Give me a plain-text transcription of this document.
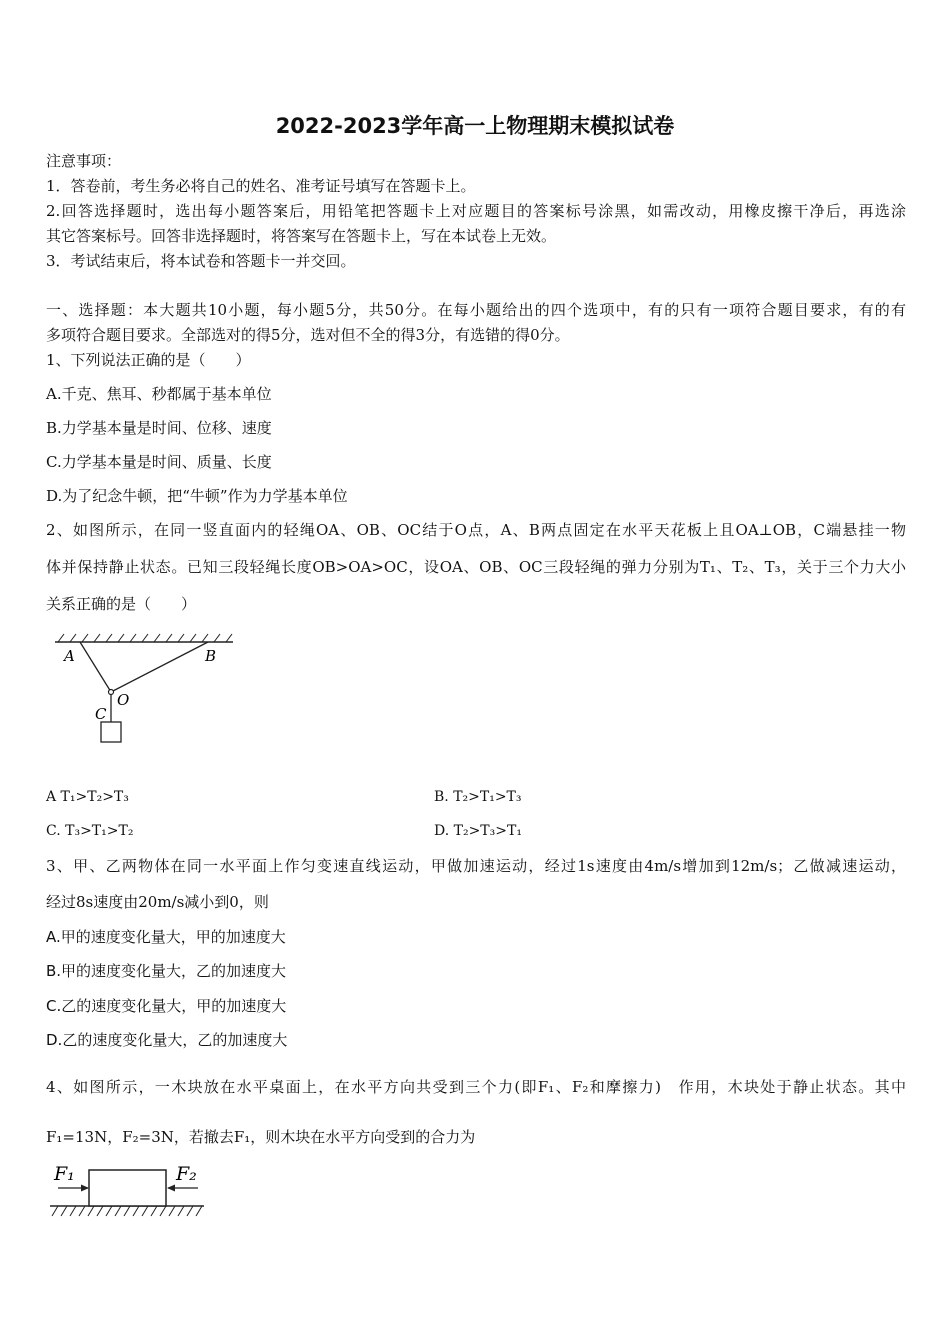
2022-2023学年高一上物理期末模拟试卷
注意事项：
1．答卷前，考生务必将自己的姓名、准考证号填写在答题卡上。
2.回答选择题时，选出每小题答案后，用铅笔把答题卡上对应题目的答案标号涂黑，如需改动，用橡皮擦干净后，再选涂
其它答案标号。回答非选择题时，将答案写在答题卡上，写在本试卷上无效。
3．考试结束后，将本试卷和答题卡一并交回。
一、选择题：本大题共10小题，每小题5分，共50分。在每小题给出的四个选项中，有的只有一项符合题目要求，有的有
多项符合题目要求。全部选对的得5分，选对但不全的得3分，有选错的得0分。
1、下列说法正确的是（　　）
A.千克、焦耳、秒都属于基本单位
B.力学基本量是时间、位移、速度
C.力学基本量是时间、质量、长度
D.为了纪念牛顿，把“牛顿”作为力学基本单位
2、如图所示，在同一竖直面内的轻绳OA、OB、OC结于O点，A、B两点固定在水平天花板上且OA⊥OB，C端悬挂一物
体并保持静止状态。已知三段轻绳长度OB>OA>OC，设OA、OB、OC三段轻绳的弹力分别为T₁、T₂、T₃，关于三个力大小
关系正确的是（　　）
A	B
O
C
A T₁>T₂>T₃	B. T₂>T₁>T₃
C. T₃>T₁>T₂	D. T₂>T₃>T₁
3、甲、乙两物体在同一水平面上作匀变速直线运动，甲做加速运动，经过1s速度由4m/s增加到12m/s；乙做减速运动，
经过8s速度由20m/s减小到0，则
A.甲的速度变化量大，甲的加速度大
B.甲的速度变化量大，乙的加速度大
C.乙的速度变化量大，甲的加速度大
D.乙的速度变化量大，乙的加速度大
4、如图所示，一木块放在水平桌面上，在水平方向共受到三个力(即F₁、F₂和摩擦力)　作用，木块处于静止状态。其中
F₁=13N，F₂=3N，若撤去F₁，则木块在水平方向受到的合力为
F₁	F₂
